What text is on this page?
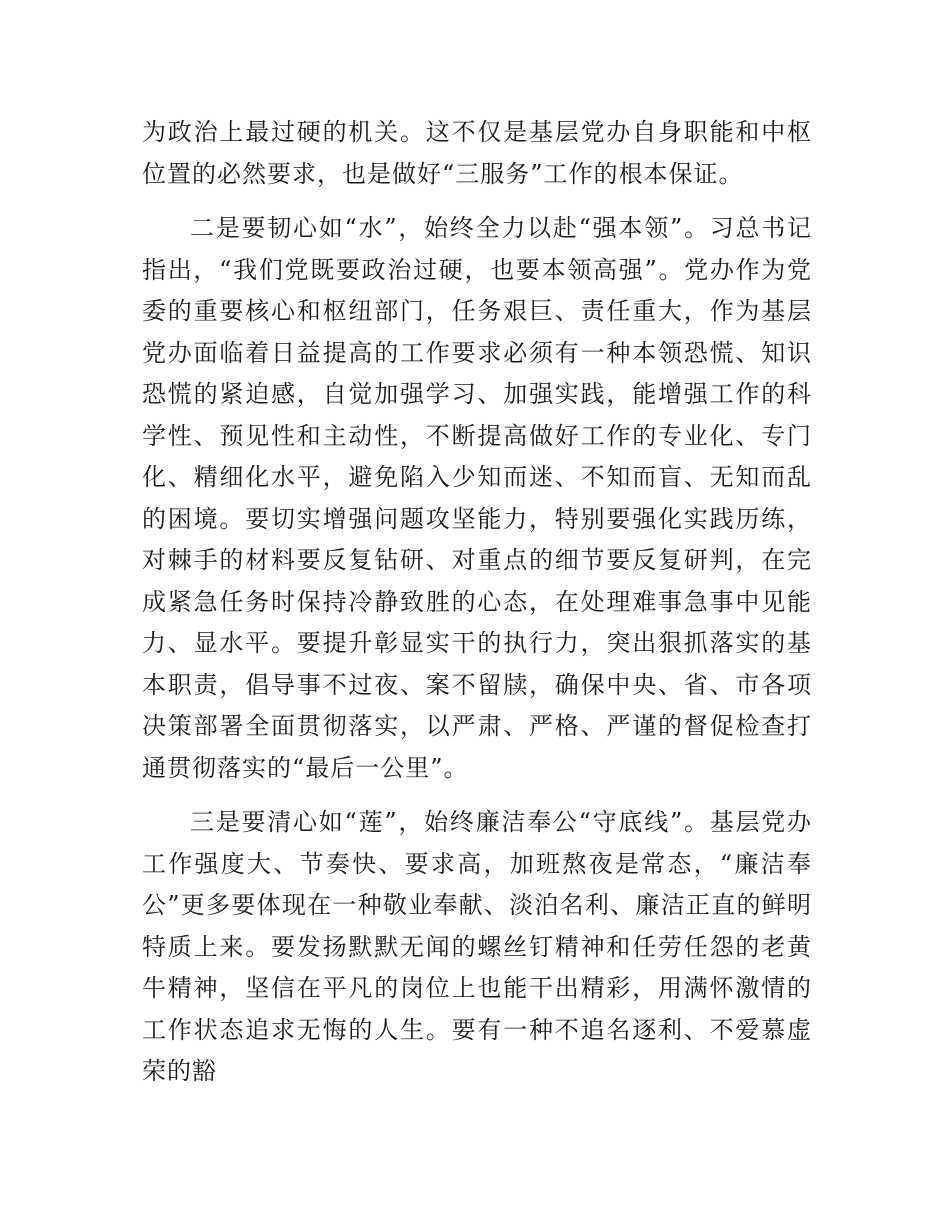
为政治上最过硬的机关。这不仅是基层党办自身职能和中枢位置的必然要求，也是做好“三服务”工作的根本保证。

二是要韧心如“水”，始终全力以赴“强本领”。习总书记指出，“我们党既要政治过硬，也要本领高强”。党办作为党委的重要核心和枢纽部门，任务艰巨、责任重大，作为基层党办面临着日益提高的工作要求必须有一种本领恐慌、知识恐慌的紧迫感，自觉加强学习、加强实践，能增强工作的科学性、预见性和主动性，不断提高做好工作的专业化、专门化、精细化水平，避免陷入少知而迷、不知而盲、无知而乱的困境。要切实增强问题攻坚能力，特别要强化实践历练，对棘手的材料要反复钻研、对重点的细节要反复研判，在完成紧急任务时保持冷静致胜的心态，在处理难事急事中见能力、显水平。要提升彰显实干的执行力，突出狠抓落实的基本职责，倡导事不过夜、案不留牍，确保中央、省、市各项决策部署全面贯彻落实，以严肃、严格、严谨的督促检查打通贯彻落实的“最后一公里”。

三是要清心如“莲”，始终廉洁奉公“守底线”。基层党办工作强度大、节奏快、要求高，加班熬夜是常态，“廉洁奉公”更多要体现在一种敬业奉献、淡泊名利、廉洁正直的鲜明特质上来。要发扬默默无闻的螺丝钉精神和任劳任怨的老黄牛精神，坚信在平凡的岗位上也能干出精彩，用满怀激情的工作状态追求无悔的人生。要有一种不追名逐利、不爱慕虚荣的豁
